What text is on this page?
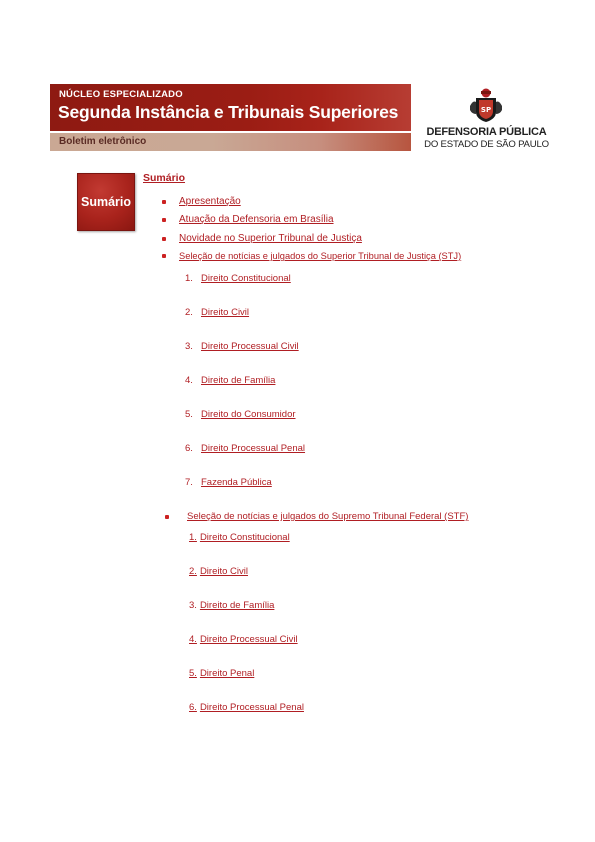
NÚCLEO ESPECIALIZADO
Segunda Instância e Tribunais Superiores
Boletim eletrônico
SP
DEFENSORIA PÚBLICA
DO ESTADO DE SÃO PAULO
Sumário
Sumário
Apresentação
Atuação da Defensoria em Brasília
Novidade no Superior Tribunal de Justiça
Seleção de notícias e julgados do Superior Tribunal de Justiça (STJ)
1. Direito Constitucional
2. Direito Civil
3. Direito Processual Civil
4. Direito de Família
5. Direito do Consumidor
6. Direito Processual Penal
7. Fazenda Pública
Seleção de notícias e julgados do Supremo Tribunal Federal (STF)
1. Direito Constitucional
2. Direito Civil
3. Direito de Família
4. Direito Processual Civil
5. Direito Penal
6. Direito Processual Penal
